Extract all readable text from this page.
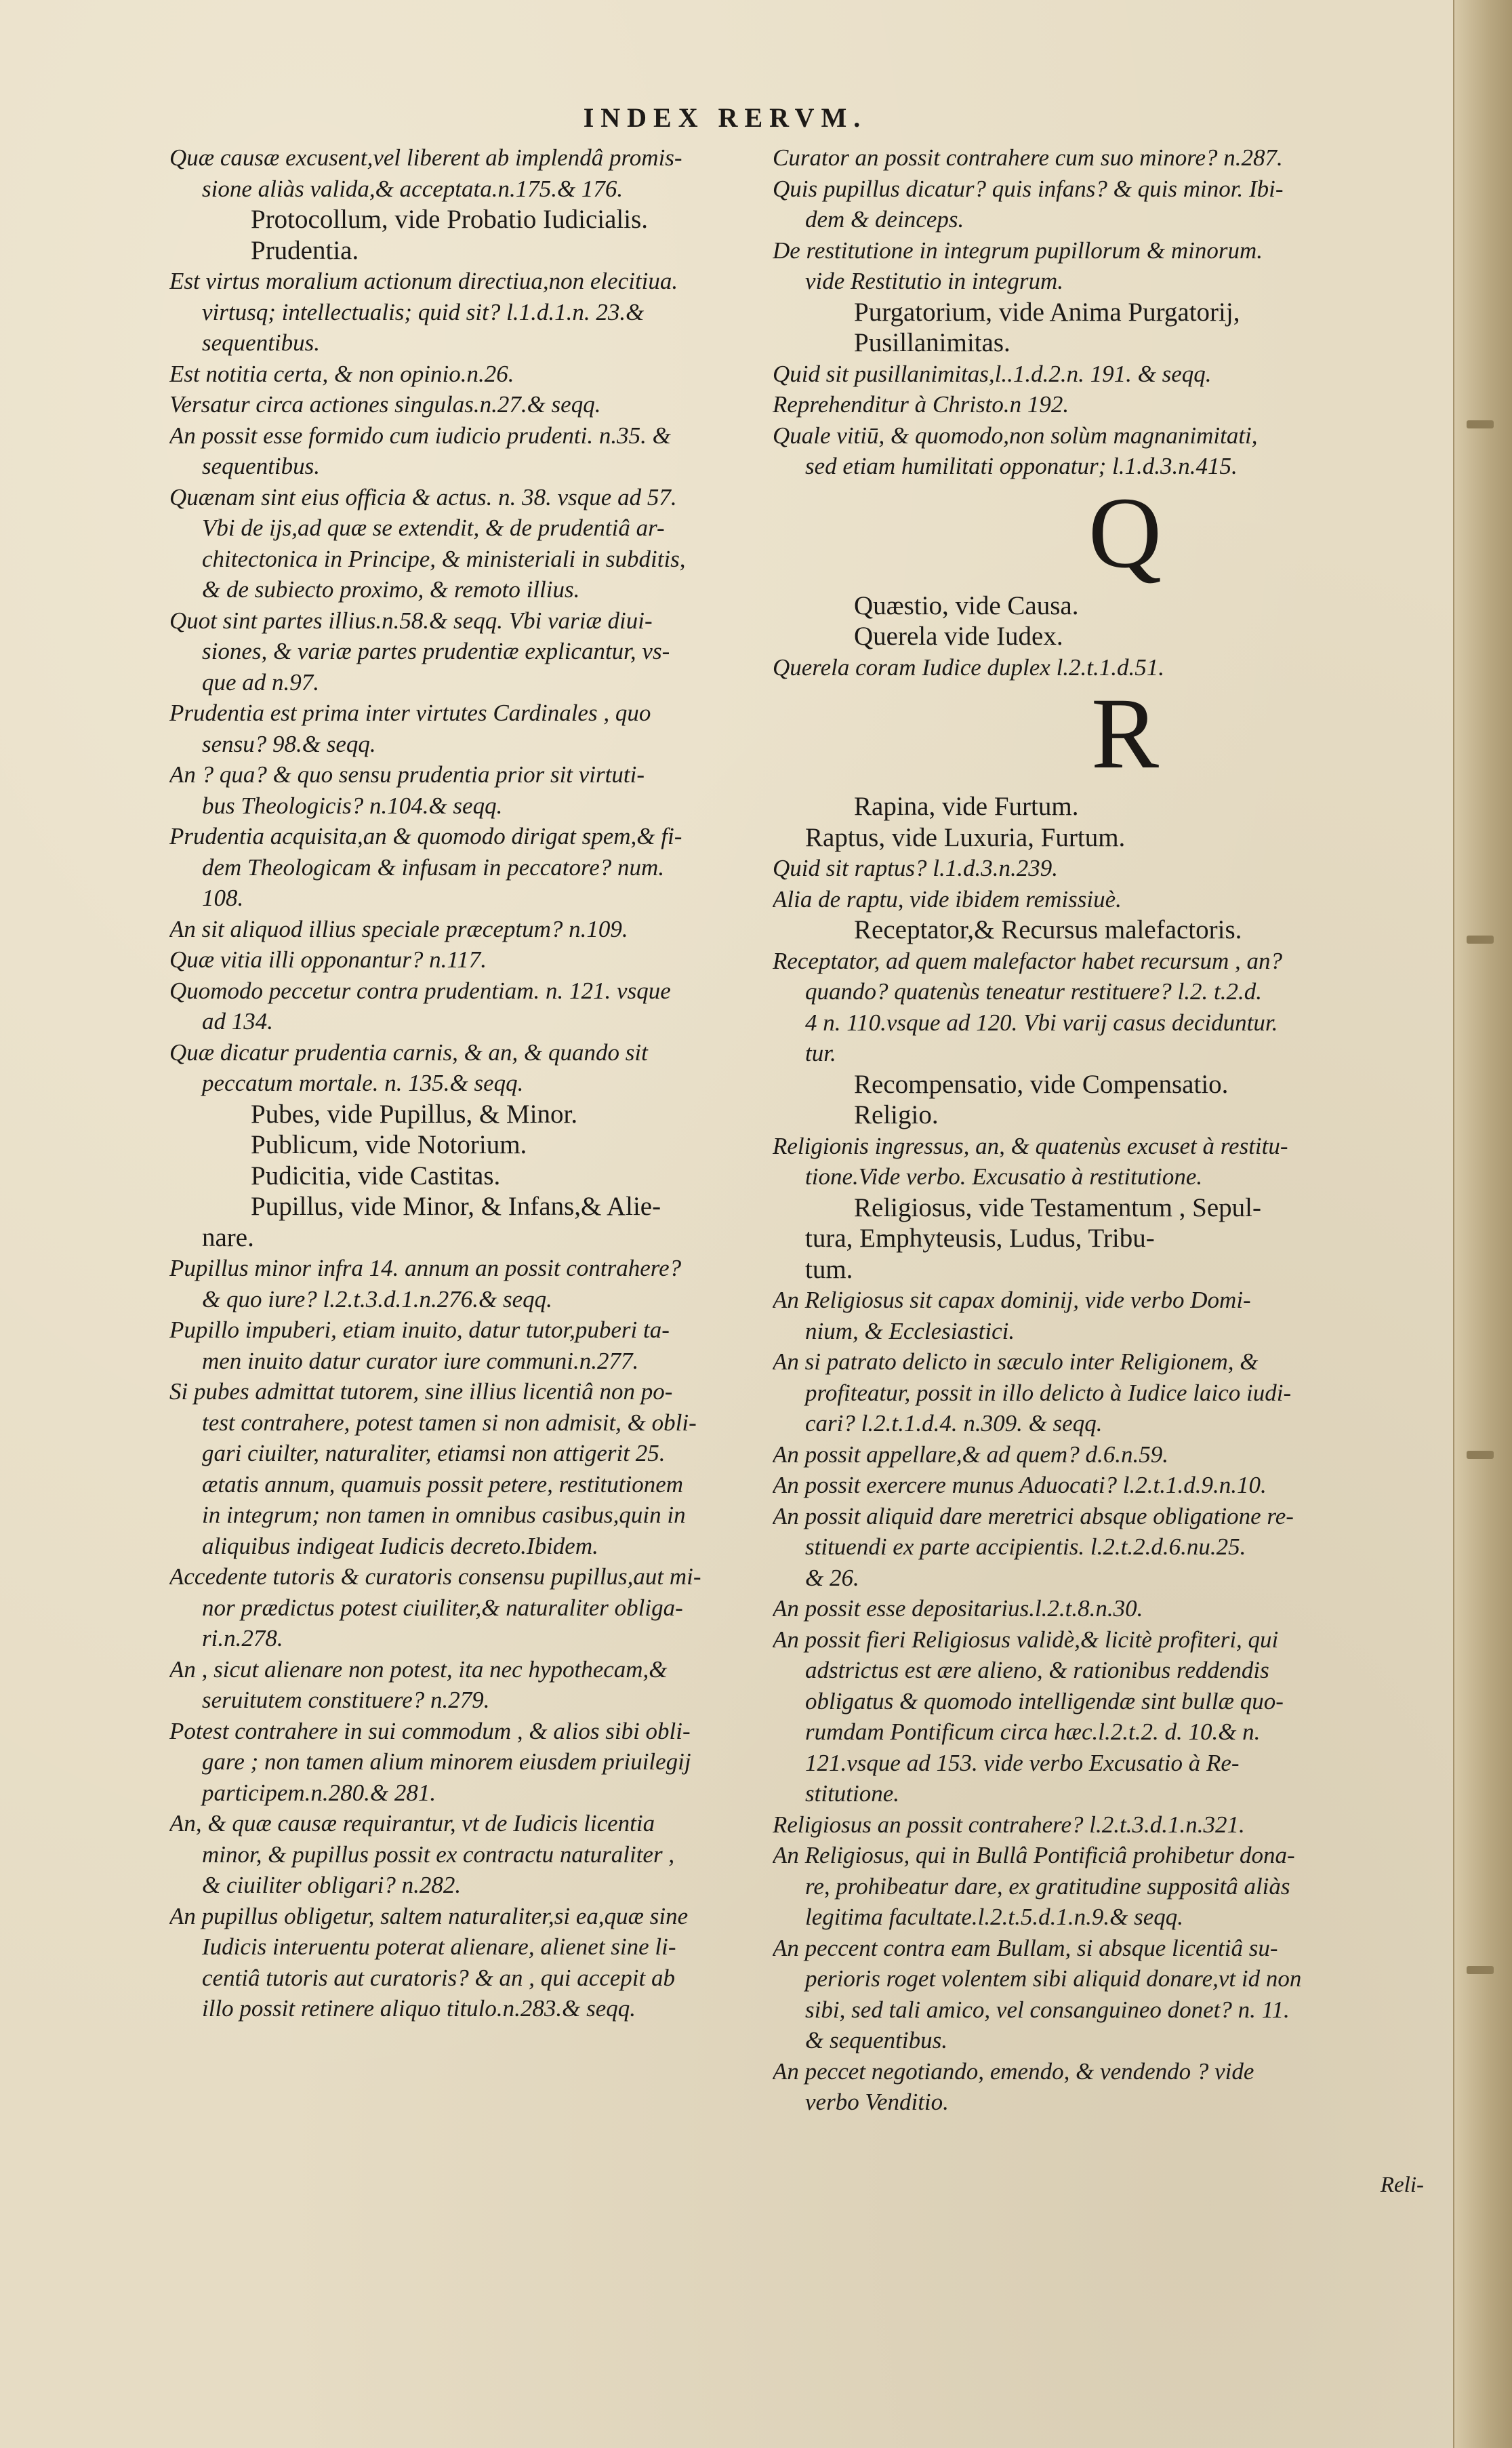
INDEX RERVM.
Quæ causæ excusent,vel liberent ab implendâ promis-
sione aliàs valida,& acceptata.n.175.& 176.
Protocollum, vide Probatio Iudicialis.
Prudentia.
Est virtus moralium actionum directiua,non elecitiua.
virtusq; intellectualis; quid sit? l.1.d.1.n. 23.&
sequentibus.
Est notitia certa, & non opinio.n.26.
Versatur circa actiones singulas.n.27.& seqq.
An possit esse formido cum iudicio prudenti. n.35. &
sequentibus.
Quænam sint eius officia & actus. n. 38. vsque ad 57.
Vbi de ijs,ad quæ se extendit, & de prudentiâ ar-
chitectonica in Principe, & ministeriali in subditis,
& de subiecto proximo, & remoto illius.
Quot sint partes illius.n.58.& seqq. Vbi variæ diui-
siones, & variæ partes prudentiæ explicantur, vs-
que ad n.97.
Prudentia est prima inter virtutes Cardinales , quo
sensu? 98.& seqq.
An ? qua? & quo sensu prudentia prior sit virtuti-
bus Theologicis? n.104.& seqq.
Prudentia acquisita,an & quomodo dirigat spem,& fi-
dem Theologicam & infusam in peccatore? num.
108.
An sit aliquod illius speciale præceptum? n.109.
Quæ vitia illi opponantur? n.117.
Quomodo peccetur contra prudentiam. n. 121. vsque
ad 134.
Quæ dicatur prudentia carnis, & an, & quando sit
peccatum mortale. n. 135.& seqq.
Pubes, vide Pupillus, & Minor.
Publicum, vide Notorium.
Pudicitia, vide Castitas.
Pupillus, vide Minor, & Infans,& Alie-
nare.
Pupillus minor infra 14. annum an possit contrahere?
& quo iure? l.2.t.3.d.1.n.276.& seqq.
Pupillo impuberi, etiam inuito, datur tutor,puberi ta-
men inuito datur curator iure communi.n.277.
Si pubes admittat tutorem, sine illius licentiâ non po-
test contrahere, potest tamen si non admisit, & obli-
gari ciuilter, naturaliter, etiamsi non attigerit 25.
ætatis annum, quamuis possit petere, restitutionem
in integrum; non tamen in omnibus casibus,quin in
aliquibus indigeat Iudicis decreto.Ibidem.
Accedente tutoris & curatoris consensu pupillus,aut mi-
nor prædictus potest ciuiliter,& naturaliter obliga-
ri.n.278.
An , sicut alienare non potest, ita nec hypothecam,&
seruitutem constituere? n.279.
Potest contrahere in sui commodum , & alios sibi obli-
gare ; non tamen alium minorem eiusdem priuilegij
participem.n.280.& 281.
An, & quæ causæ requirantur, vt de Iudicis licentia
minor, & pupillus possit ex contractu naturaliter ,
& ciuiliter obligari? n.282.
An pupillus obligetur, saltem naturaliter,si ea,quæ sine
Iudicis interuentu poterat alienare, alienet sine li-
centiâ tutoris aut curatoris? & an , qui accepit ab
illo possit retinere aliquo titulo.n.283.& seqq.
Curator an possit contrahere cum suo minore? n.287.
Quis pupillus dicatur? quis infans? & quis minor. Ibi-
dem & deinceps.
De restitutione in integrum pupillorum & minorum.
vide Restitutio in integrum.
Purgatorium, vide Anima Purgatorij,
Pusillanimitas.
Quid sit pusillanimitas,l..1.d.2.n. 191. & seqq.
Reprehenditur à Christo.n 192.
Quale vitiū, & quomodo,non solùm magnanimitati,
sed etiam humilitati opponatur; l.1.d.3.n.415.
Q
Quæstio, vide Causa.
Querela vide Iudex.
Querela coram Iudice duplex l.2.t.1.d.51.
R
Rapina, vide Furtum.
Raptus, vide Luxuria, Furtum.
Quid sit raptus? l.1.d.3.n.239.
Alia de raptu, vide ibidem remissiuè.
Receptator,& Recursus malefactoris.
Receptator, ad quem malefactor habet recursum , an?
quando? quatenùs teneatur restituere? l.2. t.2.d.
4 n. 110.vsque ad 120. Vbi varij casus deciduntur.
tur.
Recompensatio, vide Compensatio.
Religio.
Religionis ingressus, an, & quatenùs excuset à restitu-
tione.Vide verbo. Excusatio à restitutione.
Religiosus, vide Testamentum , Sepul-
tura, Emphyteusis, Ludus, Tribu-
tum.
An Religiosus sit capax dominij, vide verbo Domi-
nium, & Ecclesiastici.
An si patrato delicto in sæculo inter Religionem, &
profiteatur, possit in illo delicto à Iudice laico iudi-
cari? l.2.t.1.d.4. n.309. & seqq.
An possit appellare,& ad quem? d.6.n.59.
An possit exercere munus Aduocati? l.2.t.1.d.9.n.10.
An possit aliquid dare meretrici absque obligatione re-
stituendi ex parte accipientis. l.2.t.2.d.6.nu.25.
& 26.
An possit esse depositarius.l.2.t.8.n.30.
An possit fieri Religiosus validè,& licitè profiteri, qui
adstrictus est ære alieno, & rationibus reddendis
obligatus & quomodo intelligendæ sint bullæ quo-
rumdam Pontificum circa hæc.l.2.t.2. d. 10.& n.
121.vsque ad 153. vide verbo Excusatio à Re-
stitutione.
Religiosus an possit contrahere? l.2.t.3.d.1.n.321.
An Religiosus, qui in Bullâ Pontificiâ prohibetur dona-
re, prohibeatur dare, ex gratitudine suppositâ aliàs
legitima facultate.l.2.t.5.d.1.n.9.& seqq.
An peccent contra eam Bullam, si absque licentiâ su-
perioris roget volentem sibi aliquid donare,vt id non
sibi, sed tali amico, vel consanguineo donet? n. 11.
& sequentibus.
An peccet negotiando, emendo, & vendendo ? vide
verbo Venditio.
Reli-
